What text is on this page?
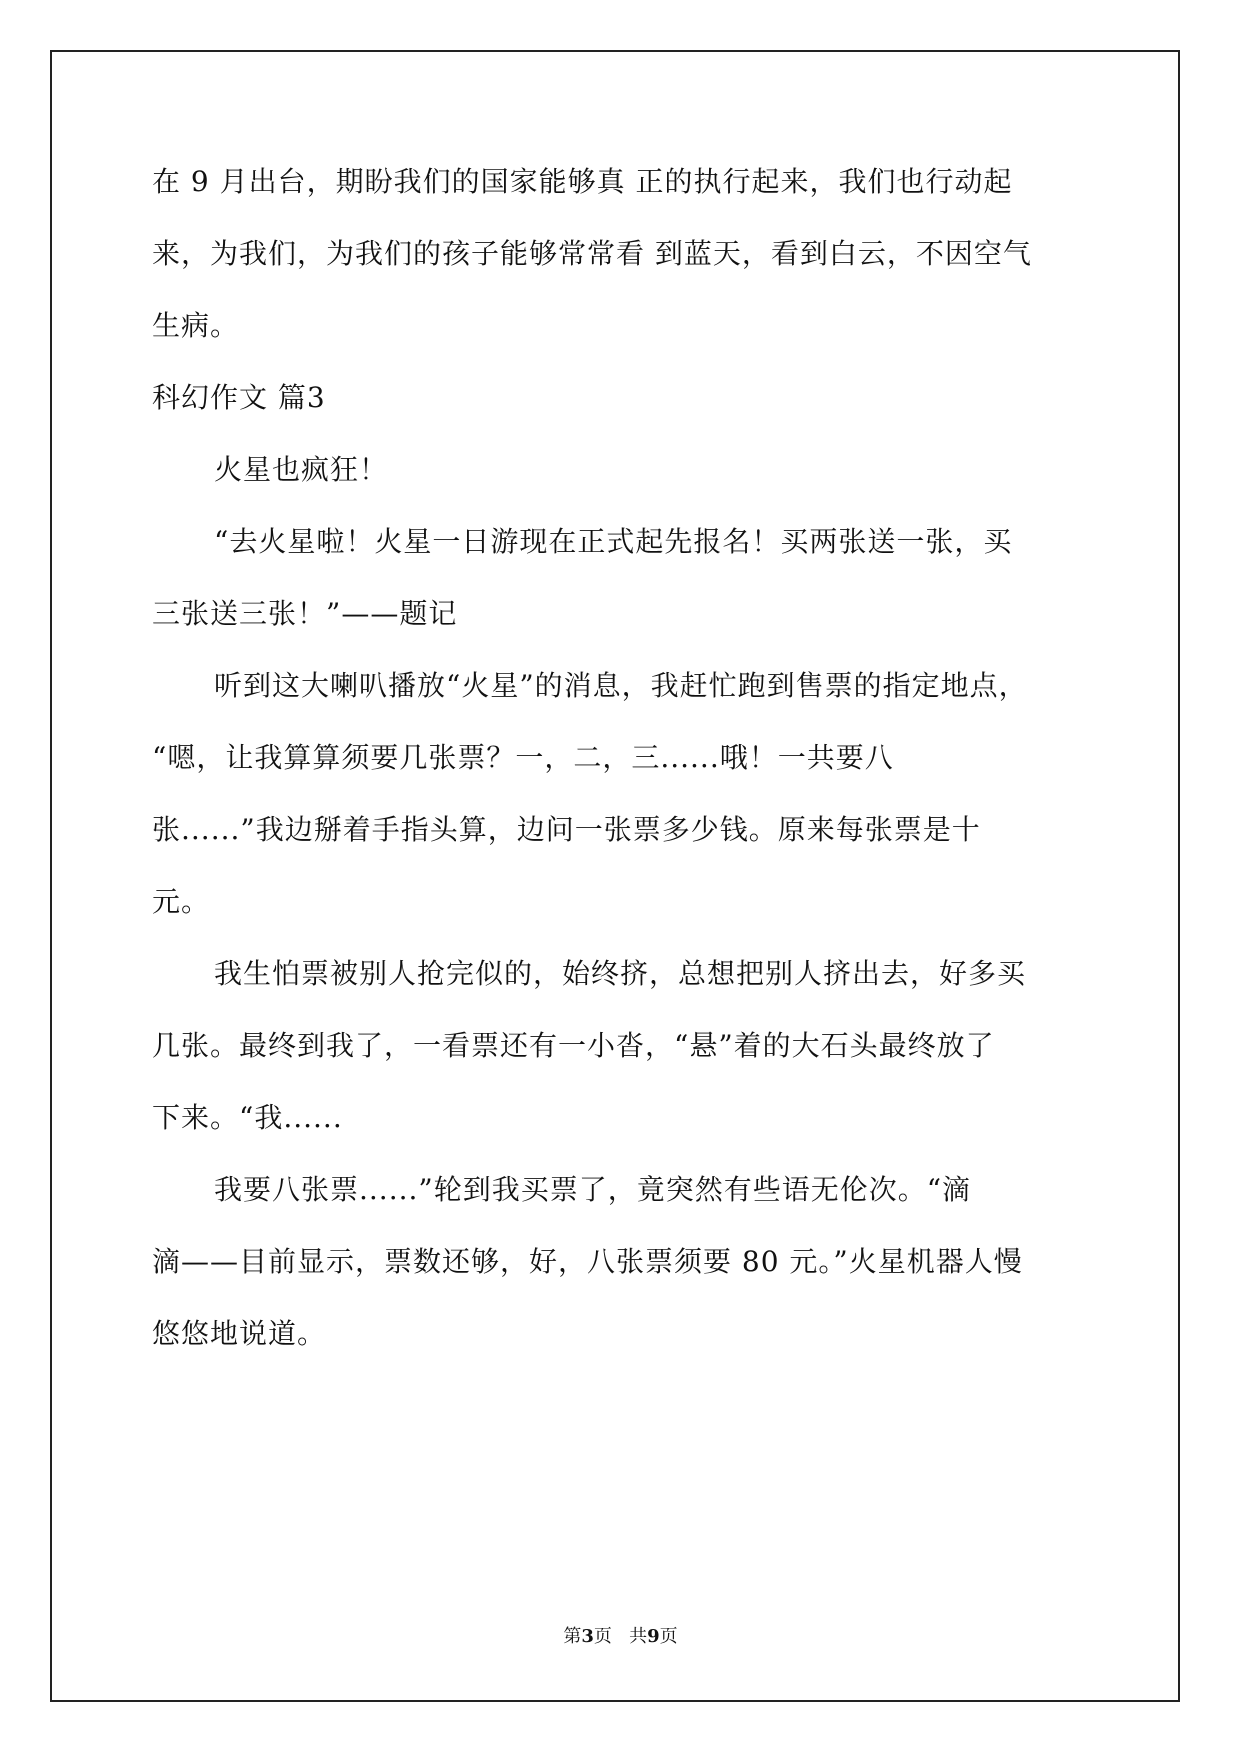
在 9 月出台，期盼我们的国家能够真 正的执行起来，我们也行动起
来，为我们，为我们的孩子能够常常看 到蓝天，看到白云，不因空气
生病。
科幻作文 篇3
火星也疯狂！
“去火星啦！火星一日游现在正式起先报名！买两张送一张，买
三张送三张！”——题记
听到这大喇叭播放“火星”的消息，我赶忙跑到售票的指定地点，
“嗯，让我算算须要几张票？一，二，三......哦！一共要八
张......”我边掰着手指头算，边问一张票多少钱。原来每张票是十
元。
我生怕票被别人抢完似的，始终挤，总想把别人挤出去，好多买
几张。最终到我了，一看票还有一小沓，“悬”着的大石头最终放了
下来。“我......
我要八张票......”轮到我买票了，竟突然有些语无伦次。“滴
滴——目前显示，票数还够，好，八张票须要 80 元。”火星机器人慢
悠悠地说道。
第3页   共9页
